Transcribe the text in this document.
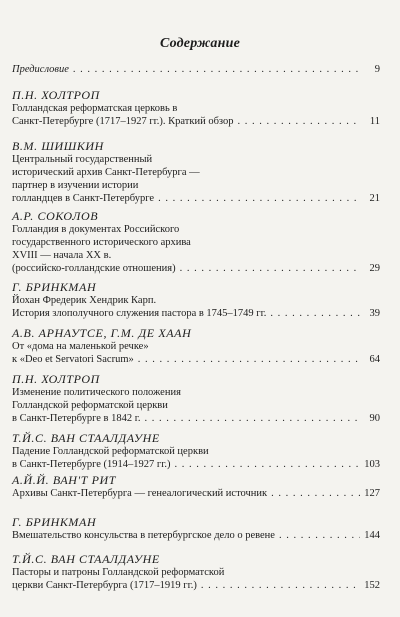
Содержание
Предисловие . . .	9
П.Н. ХОЛТРОП
Голландская реформатская церковь в
Санкт-Петербурге (1717–1927 гг.). Краткий обзор . . .	11
В.М. ШИШКИН
Центральный государственный
исторический архив Санкт-Петербурга —
партнер в изучении истории
голландцев в Санкт-Петербурге . . .	21
А.Р. СОКОЛОВ
Голландия в документах Российского
государственного исторического архива
XVIII — начала XX в.
(российско-голландские отношения) . . .	29
Г. БРИНКМАН
Йохан Фредерик Хендрик Карп.
История злополучного служения пастора в 1745–1749 гг. . . .	39
А.В. АРНАУТСЕ, Г.М. ДЕ ХААН
От «дома на маленькой речке»
к «Deo et Servatori Sacrum» . . .	64
П.Н. ХОЛТРОП
Изменение политического положения
Голландской реформатской церкви
в Санкт-Петербурге в 1842 г. . . .	90
Т.Й.С. ВАН СТААЛДАУНЕ
Падение Голландской реформатской церкви
в Санкт-Петербурге (1914–1927 гг.) . . .	103
А.Й.Й. ВАН'Т РИТ
Архивы Санкт-Петербурга — генеалогический источник . . .	127
Г. БРИНКМАН
Вмешательство консульства в петербургское дело о ревене . . .	144
Т.Й.С. ВАН СТААЛДАУНЕ
Пасторы и патроны Голландской реформатской
церкви Санкт-Петербурга (1717–1919 гг.) . . .	152
